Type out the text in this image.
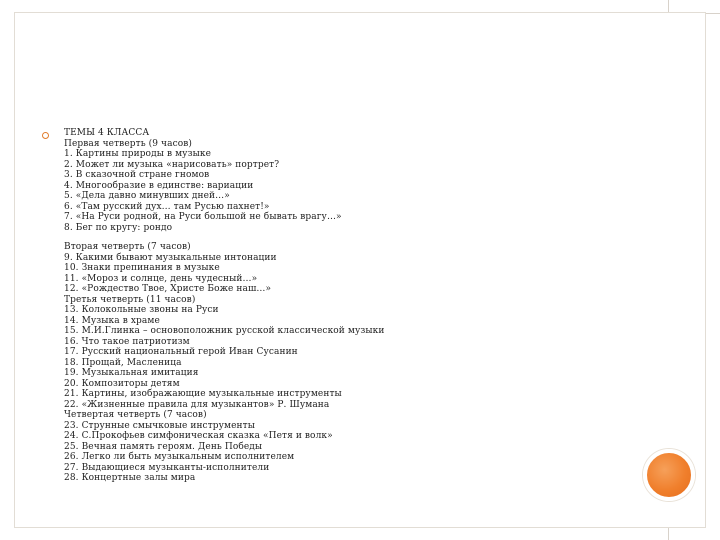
ТЕМЫ 4 КЛАССА
Первая четверть (9 часов)
1. Картины природы в музыке
2. Может ли музыка «нарисовать» портрет?
3. В сказочной стране гномов
4. Многообразие в единстве: вариации
5. «Дела давно минувших дней…»
6. «Там русский дух… там Русью пахнет!»
7. «На Руси родной, на Руси большой не бывать врагу…»
8. Бег по кругу: рондо
Вторая четверть (7 часов)
9. Какими бывают музыкальные интонации
10. Знаки препинания в музыке
11. «Мороз и солнце, день чудесный…»
12. «Рождество Твое, Христе Боже наш…»
Третья четверть (11 часов)
13. Колокольные звоны на Руси
14. Музыка в храме
15. М.И.Глинка – основоположник русской классической музыки
16. Что такое патриотизм
17. Русский национальный герой Иван Сусанин
18. Прощай, Масленица
19. Музыкальная имитация
20. Композиторы детям
21. Картины, изображающие музыкальные инструменты
22. «Жизненные правила для музыкантов» Р. Шумана
Четвертая четверть (7 часов)
23. Струнные смычковые инструменты
24. С.Прокофьев симфоническая сказка «Петя и волк»
25. Вечная память героям. День Победы
26. Легко ли быть музыкальным исполнителем
27. Выдающиеся музыканты-исполнители
28. Концертные залы мира
